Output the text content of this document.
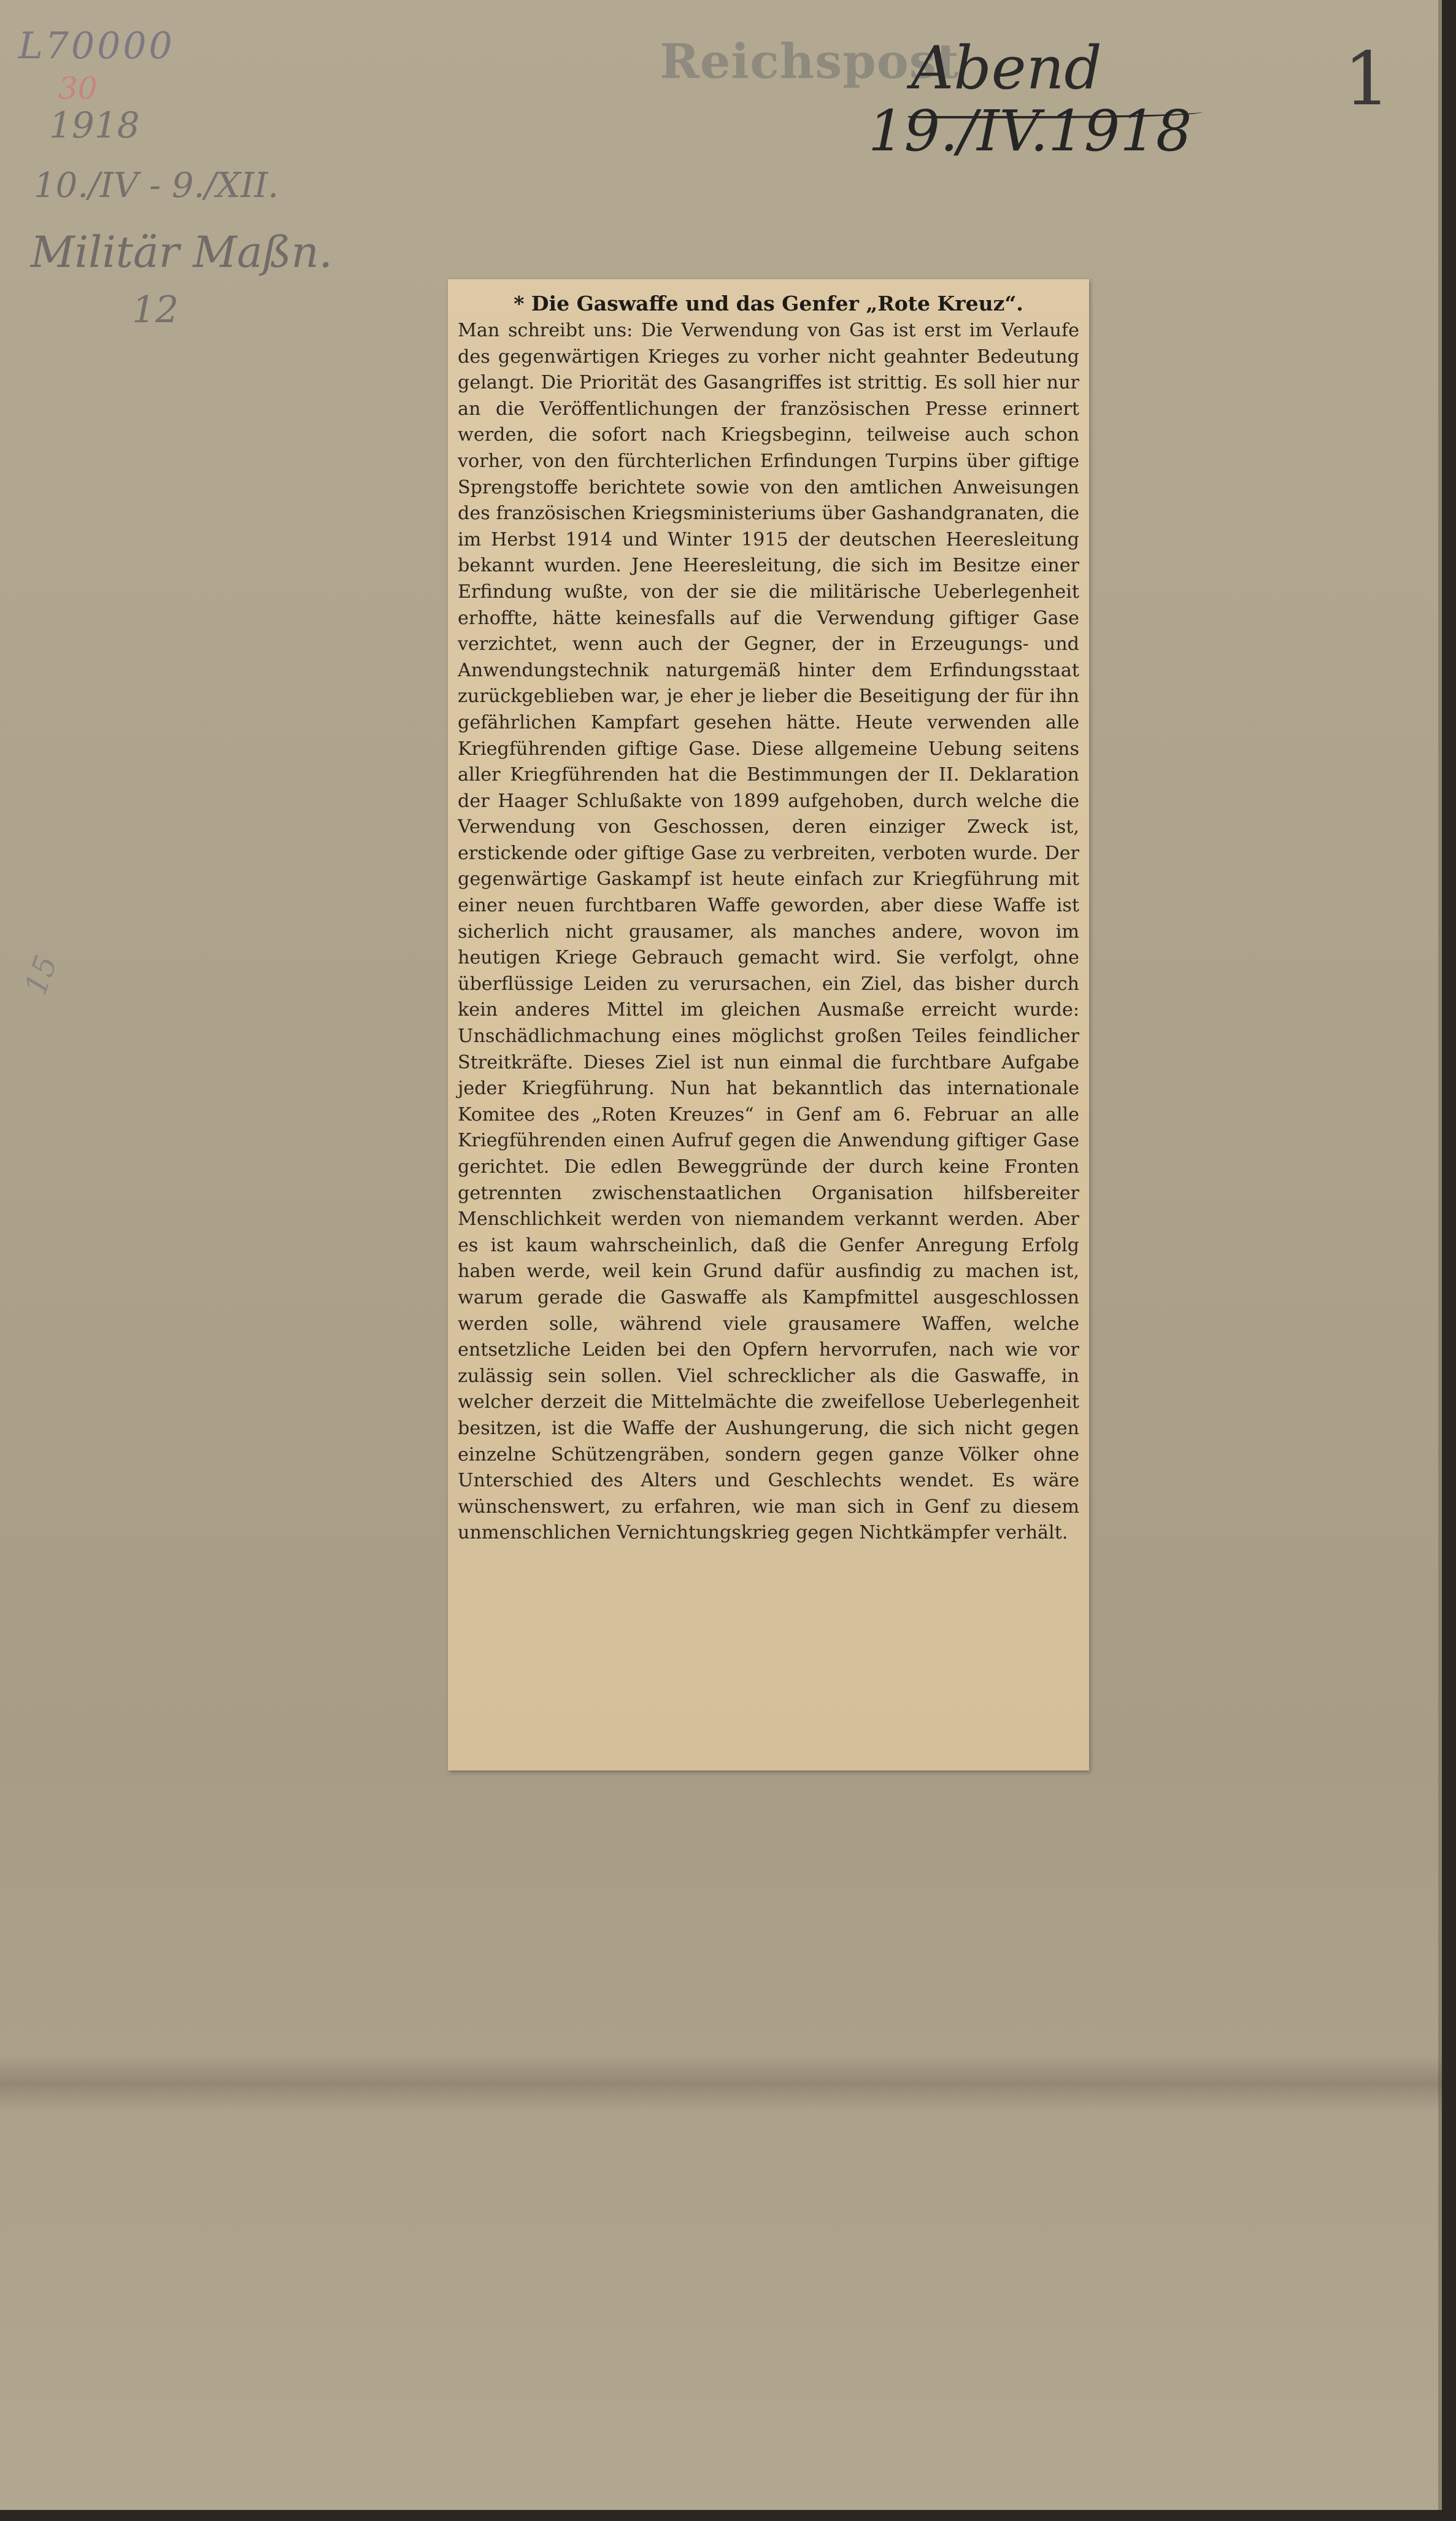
L70000
30
1918
10./IV - 9./XII.
Militär Maßn.
12
15
Reichspost
Abend
19./IV.1918
1

* Die Gaswaffe und das Genfer „Rote Kreuz“.

Man schreibt uns: Die Verwendung von Gas ist erst im Verlaufe des gegenwärtigen Krieges zu vorher nicht geahnter Bedeutung gelangt. Die Priorität des Gasangriffes ist strittig. Es soll hier nur an die Veröffentlichungen der französischen Presse erinnert werden, die sofort nach Kriegsbeginn, teilweise auch schon vorher, von den fürchterlichen Erfindungen Turpins über giftige Sprengstoffe berichtete sowie von den amtlichen Anweisungen des französischen Kriegsministeriums über Gashandgranaten, die im Herbst 1914 und Winter 1915 der deutschen Heeresleitung bekannt wurden. Jene Heeresleitung, die sich im Besitze einer Erfindung wußte, von der sie die militärische Ueberlegenheit erhoffte, hätte keinesfalls auf die Verwendung giftiger Gase verzichtet, wenn auch der Gegner, der in Erzeugungs- und Anwendungstechnik naturgemäß hinter dem Erfindungsstaat zurückgeblieben war, je eher je lieber die Beseitigung der für ihn gefährlichen Kampfart gesehen hätte. Heute verwenden alle Kriegführenden giftige Gase. Diese allgemeine Uebung seitens aller Kriegführenden hat die Bestimmungen der II. Deklaration der Haager Schlußakte von 1899 aufgehoben, durch welche die Verwendung von Geschossen, deren einziger Zweck ist, erstickende oder giftige Gase zu verbreiten, verboten wurde. Der gegenwärtige Gaskampf ist heute einfach zur Kriegführung mit einer neuen furchtbaren Waffe geworden, aber diese Waffe ist sicherlich nicht grausamer, als manches andere, wovon im heutigen Kriege Gebrauch gemacht wird. Sie verfolgt, ohne überflüssige Leiden zu verursachen, ein Ziel, das bisher durch kein anderes Mittel im gleichen Ausmaße erreicht wurde: Unschädlichmachung eines möglichst großen Teiles feindlicher Streitkräfte. Dieses Ziel ist nun einmal die furchtbare Aufgabe jeder Kriegführung. Nun hat bekanntlich das internationale Komitee des „Roten Kreuzes“ in Genf am 6. Februar an alle Kriegführenden einen Aufruf gegen die Anwendung giftiger Gase gerichtet. Die edlen Beweggründe der durch keine Fronten getrennten zwischenstaatlichen Organisation hilfsbereiter Menschlichkeit werden von niemandem verkannt werden. Aber es ist kaum wahrscheinlich, daß die Genfer Anregung Erfolg haben werde, weil kein Grund dafür ausfindig zu machen ist, warum gerade die Gaswaffe als Kampfmittel ausgeschlossen werden solle, während viele grausamere Waffen, welche entsetzliche Leiden bei den Opfern hervorrufen, nach wie vor zulässig sein sollen. Viel schrecklicher als die Gaswaffe, in welcher derzeit die Mittelmächte die zweifellose Ueberlegenheit besitzen, ist die Waffe der Aushungerung, die sich nicht gegen einzelne Schützengräben, sondern gegen ganze Völker ohne Unterschied des Alters und Geschlechts wendet. Es wäre wünschenswert, zu erfahren, wie man sich in Genf zu diesem unmenschlichen Vernichtungskrieg gegen Nichtkämpfer verhält.
